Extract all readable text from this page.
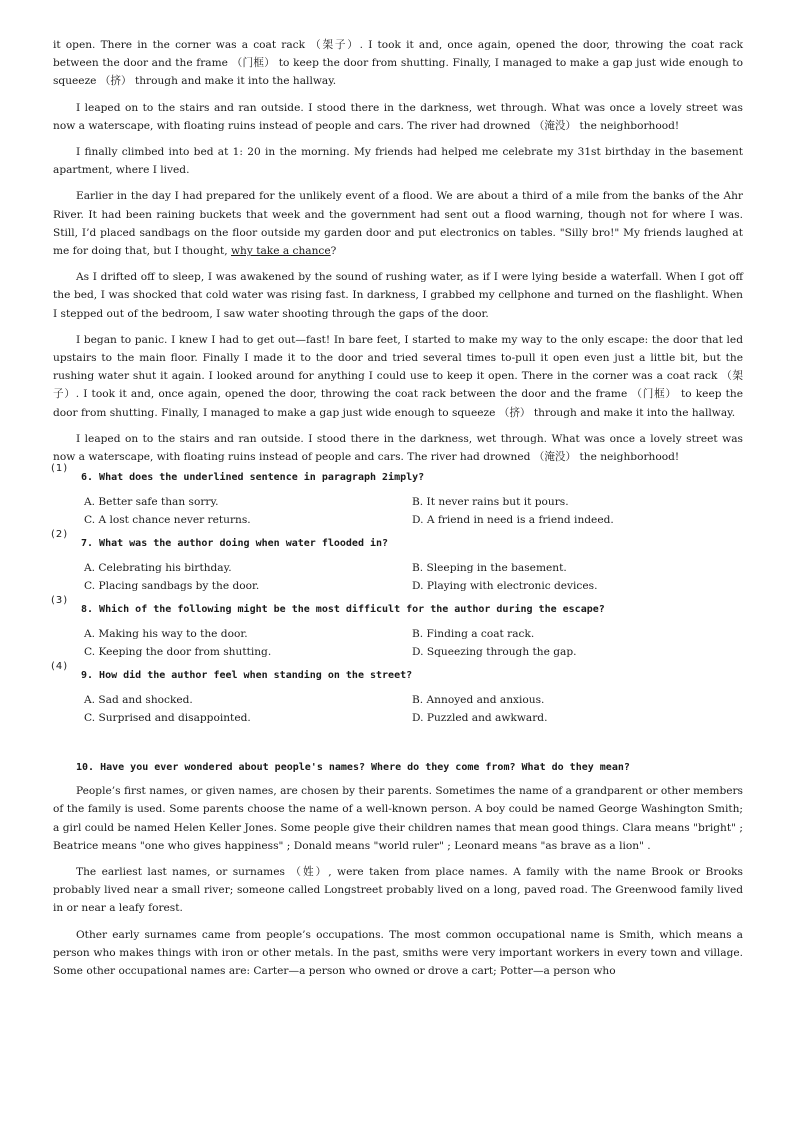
it open. There in the corner was a coat rack （架子）. I took it and, once again, opened the door, throwing the coat rack between the door and the frame （门框） to keep the door from shutting. Finally, I managed to make a gap just wide enough to squeeze （挤） through and make it into the hallway.

I leaped on to the stairs and ran outside. I stood there in the darkness, wet through. What was once a lovely street was now a waterscape, with floating ruins instead of people and cars. The river had drowned （淹没） the neighborhood!

I finally climbed into bed at 1: 20 in the morning. My friends had helped me celebrate my 31st birthday in the basement apartment, where I lived.

Earlier in the day I had prepared for the unlikely event of a flood. We are about a third of a mile from the banks of the Ahr River. It had been raining buckets that week and the government had sent out a flood warning, though not for where I was. Still, I’d placed sandbags on the floor outside my garden door and put electronics on tables. "Silly bro!" My friends laughed at me for doing that, but I thought, why take a chance?

As I drifted off to sleep, I was awakened by the sound of rushing water, as if I were lying beside a waterfall. When I got off the bed, I was shocked that cold water was rising fast. In darkness, I grabbed my cellphone and turned on the flashlight. When I stepped out of the bedroom, I saw water shooting through the gaps of the door.

I began to panic. I knew I had to get out—fast! In bare feet, I started to make my way to the only escape: the door that led upstairs to the main floor. Finally I made it to the door and tried several times to-pull it open even just a little bit, but the rushing water shut it again. I looked around for anything I could use to keep it open. There in the corner was a coat rack （架子）. I took it and, once again, opened the door, throwing the coat rack between the door and the frame （门框） to keep the door from shutting. Finally, I managed to make a gap just wide enough to squeeze （挤） through and make it into the hallway.

I leaped on to the stairs and ran outside. I stood there in the darkness, wet through. What was once a lovely street was now a waterscape, with floating ruins instead of people and cars. The river had drowned （淹没） the neighborhood!

(1)
6. What does the underlined sentence in paragraph 2imply?
A. Better safe than sorry.	B. It never rains but it pours.
C. A lost chance never returns.	D. A friend in need is a friend indeed.
(2)
7. What was the author doing when water flooded in?
A. Celebrating his birthday.	B. Sleeping in the basement.
C. Placing sandbags by the door.	D. Playing with electronic devices.
(3)
8. Which of the following might be the most difficult for the author during the escape?
A. Making his way to the door.	B. Finding a coat rack.
C. Keeping the door from shutting.	D. Squeezing through the gap.
(4)
9. How did the author feel when standing on the street?
A. Sad and shocked.	B. Annoyed and anxious.
C. Surprised and disappointed.	D. Puzzled and awkward.
10. Have you ever wondered about people's names? Where do they come from? What do they mean?

People’s first names, or given names, are chosen by their parents. Sometimes the name of a grandparent or other members of the family is used. Some parents choose the name of a well-known person. A boy could be named George Washington Smith; a girl could be named Helen Keller Jones. Some people give their children names that mean good things. Clara means "bright" ; Beatrice means "one who gives happiness" ; Donald means "world ruler" ; Leonard means "as brave as a lion" .

The earliest last names, or surnames （姓）, were taken from place names. A family with the name Brook or Brooks probably lived near a small river; someone called Longstreet probably lived on a long, paved road. The Greenwood family lived in or near a leafy forest.

Other early surnames came from people’s occupations. The most common occupational name is Smith, which means a person who makes things with iron or other metals. In the past, smiths were very important workers in every town and village. Some other occupational names are: Carter—a person who owned or drove a cart; Potter—a person who
